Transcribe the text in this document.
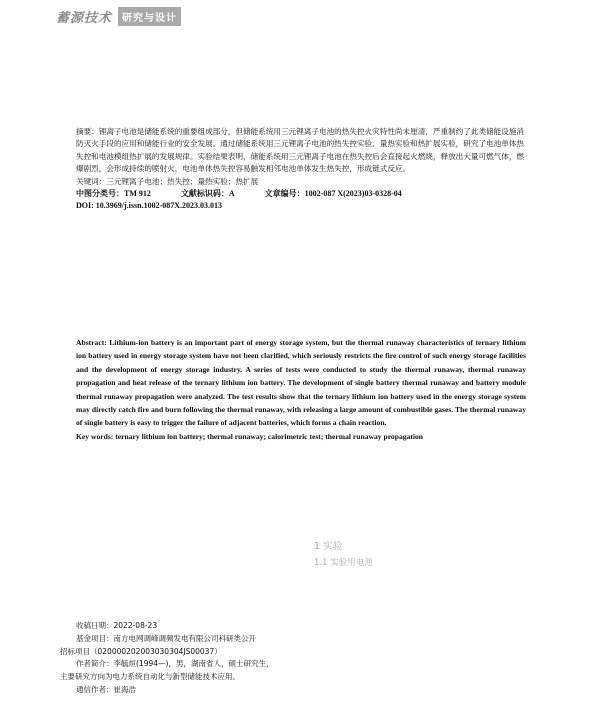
蓄源技术	研究与设计

摘要：锂离子电池是储能系统的重要组成部分，但储能系统用三元锂离子电池的热失控火灾特性尚未厘清，严重制约了此类储能设施消防灭火手段的应用和储能行业的安全发展。通过储能系统用三元锂离子电池的热失控实验、量热实验和热扩展实验，研究了电池单体热失控和电池模组热扩展的发展规律。实验结果表明，储能系统用三元锂离子电池在热失控后会直接起火燃烧，释放出大量可燃气体，燃爆剧烈，会形成持续的喷射火，电池单体热失控容易触发相邻电池单体发生热失控，形成链式反应。

关键词：三元锂离子电池；热失控；量热实验；热扩展

中图分类号：TM 912	文献标识码：A	文章编号：1002-087 X(2023)03-0328-04

DOI: 10.3969/j.issn.1002-087X.2023.03.013

Abstract: Lithium-ion battery is an important part of energy storage system, but the thermal runaway characteristics of ternary lithium ion battery used in energy storage system have not been clarified, which seriously restricts the fire control of such energy storage facilities and the development of energy storage industry. A series of tests were conducted to study the thermal runaway, thermal runaway propagation and heat release of the ternary lithium ion battery. The development of single battery thermal runaway and battery module thermal runaway propagation were analyzed. The test results show that the ternary lithium ion battery used in the energy storage system may directly catch fire and burn following the thermal runaway, with releasing a large amount of combustible gases. The thermal runaway of single battery is easy to trigger the failure of adjacent batteries, which forms a chain reaction.

Key words: ternary lithium ion battery; thermal runaway; calorimetric test; thermal runaway propagation

1 实验
1.1 实验用电池

收稿日期：2022-08-23

基金项目：南方电网调峰调频发电有限公司科研类公开

招标项目（020000202003030304JS00037）

作者简介：李毓烜(1994—)，男，湖南省人，硕士研究生，

主要研究方向为电力系统自动化与新型储能技术应用。

通信作者：崔海浩
